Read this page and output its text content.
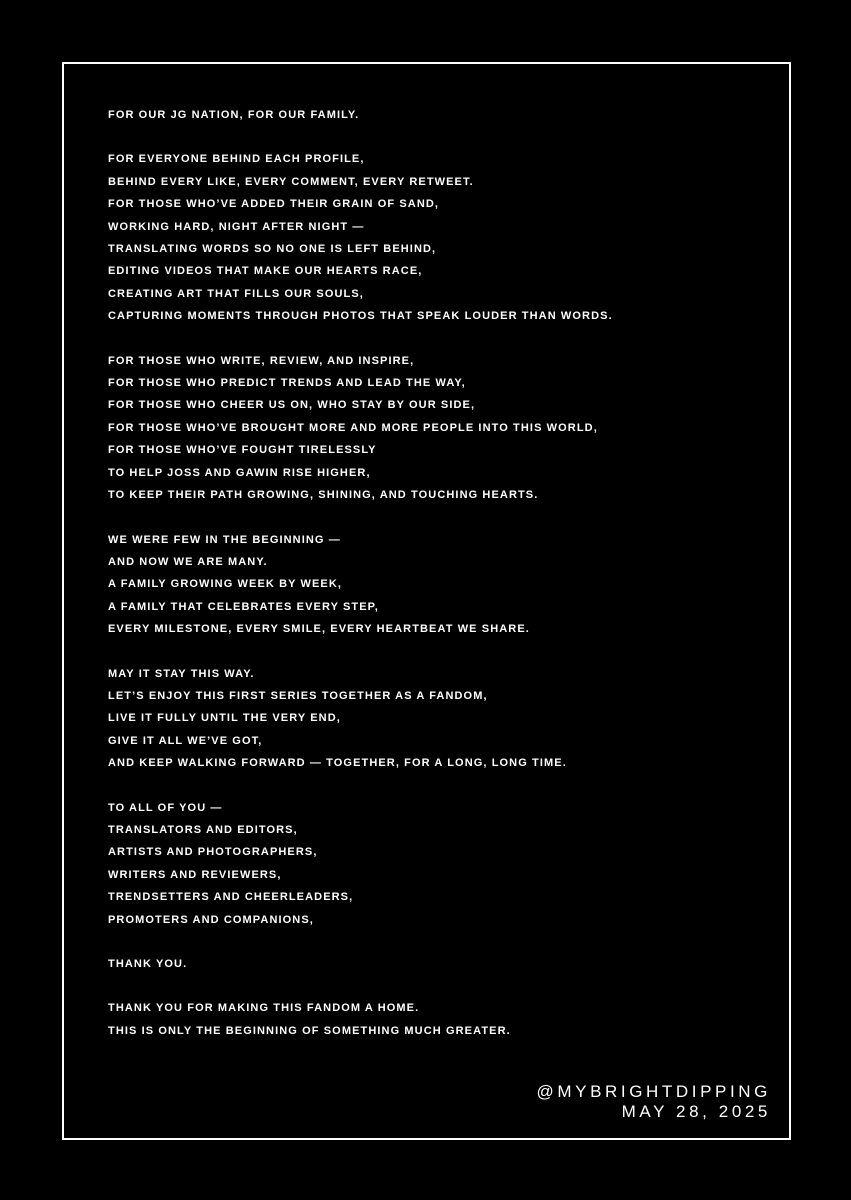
FOR OUR JG NATION, FOR OUR FAMILY.
FOR EVERYONE BEHIND EACH PROFILE,
BEHIND EVERY LIKE, EVERY COMMENT, EVERY RETWEET.
FOR THOSE WHO’VE ADDED THEIR GRAIN OF SAND,
WORKING HARD, NIGHT AFTER NIGHT —
TRANSLATING WORDS SO NO ONE IS LEFT BEHIND,
EDITING VIDEOS THAT MAKE OUR HEARTS RACE,
CREATING ART THAT FILLS OUR SOULS,
CAPTURING MOMENTS THROUGH PHOTOS THAT SPEAK LOUDER THAN WORDS.
FOR THOSE WHO WRITE, REVIEW, AND INSPIRE,
FOR THOSE WHO PREDICT TRENDS AND LEAD THE WAY,
FOR THOSE WHO CHEER US ON, WHO STAY BY OUR SIDE,
FOR THOSE WHO’VE BROUGHT MORE AND MORE PEOPLE INTO THIS WORLD,
FOR THOSE WHO’VE FOUGHT TIRELESSLY
TO HELP JOSS AND GAWIN RISE HIGHER,
TO KEEP THEIR PATH GROWING, SHINING, AND TOUCHING HEARTS.
WE WERE FEW IN THE BEGINNING —
AND NOW WE ARE MANY.
A FAMILY GROWING WEEK BY WEEK,
A FAMILY THAT CELEBRATES EVERY STEP,
EVERY MILESTONE, EVERY SMILE, EVERY HEARTBEAT WE SHARE.
MAY IT STAY THIS WAY.
LET’S ENJOY THIS FIRST SERIES TOGETHER AS A FANDOM,
LIVE IT FULLY UNTIL THE VERY END,
GIVE IT ALL WE’VE GOT,
AND KEEP WALKING FORWARD — TOGETHER, FOR A LONG, LONG TIME.
TO ALL OF YOU —
TRANSLATORS AND EDITORS,
ARTISTS AND PHOTOGRAPHERS,
WRITERS AND REVIEWERS,
TRENDSETTERS AND CHEERLEADERS,
PROMOTERS AND COMPANIONS,
THANK YOU.
THANK YOU FOR MAKING THIS FANDOM A HOME.
THIS IS ONLY THE BEGINNING OF SOMETHING MUCH GREATER.
@MYBRIGHTDIPPING
MAY 28, 2025
